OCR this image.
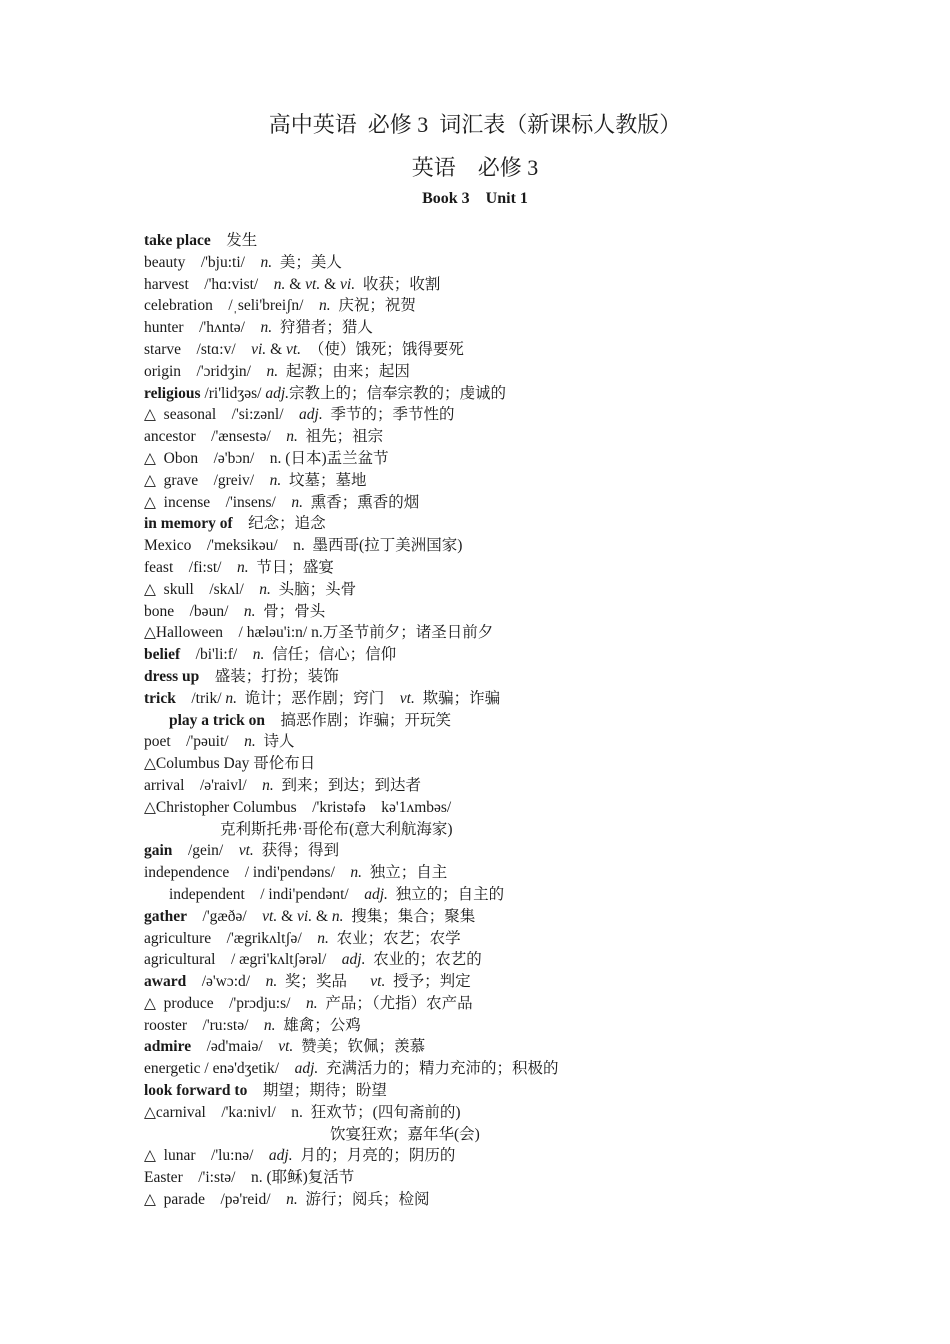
高中英语  必修 3  词汇表（新课标人教版）
英语    必修 3
Book 3    Unit 1
take place    发生
beauty    /'bju:ti/    n.  美；美人
harvest    /'hɑ:vist/    n. & vt. & vi.  收获；收割
celebration    /ˌseli'breiʃn/    n.  庆祝；祝贺
hunter    /'hʌntə/    n.  狩猎者；猎人
starve    /stɑ:v/    vi. & vt.  （使）饿死；饿得要死
origin    /'ɔridʒin/    n.  起源；由来；起因
religious /ri'lidʒəs/ adj.宗教上的；信奉宗教的；虔诚的
△  seasonal    /'si:zənl/    adj.  季节的；季节性的
ancestor    /'ænsestə/    n.  祖先；祖宗
△  Obon    /ə'bɔn/    n. (日本)盂兰盆节
△  grave    /greiv/    n.  坟墓；墓地
△  incense    /'insens/    n.  熏香；熏香的烟
in memory of    纪念；追念
Mexico    /'meksikəu/    n.  墨西哥(拉丁美洲国家)
feast    /fi:st/    n.  节日；盛宴
△  skull    /skʌl/    n.  头脑；头骨
bone    /bəun/    n.  骨；骨头
△Halloween    / hæləu'i:n/ n.万圣节前夕；诸圣日前夕
belief    /bi'li:f/    n.  信任；信心；信仰
dress up    盛装；打扮；装饰
trick    /trik/ n.  诡计；恶作剧；窍门    vt.  欺骗；诈骗
play a trick on    搞恶作剧；诈骗；开玩笑
poet    /'pəuit/    n.  诗人
△Columbus Day 哥伦布日
arrival    /ə'raivl/    n.  到来；到达；到达者
△Christopher Columbus    /'kristəfə    kə'1ʌmbəs/
克利斯托弗·哥伦布(意大利航海家)
gain    /gein/    vt.  获得；得到
independence    / indi'pendəns/    n.  独立；自主
independent    / indi'pendənt/    adj.  独立的；自主的
gather    /'gæðə/    vt. & vi. & n.  搜集；集合；聚集
agriculture    /'ægrikʌltʃə/    n.  农业；农艺；农学
agricultural    / ægri'kʌltʃərəl/    adj.  农业的；农艺的
award    /ə'wɔ:d/    n.  奖；奖品      vt.  授予；判定
△  produce    /'prɔdju:s/    n.  产品；（尤指）农产品
rooster    /'ru:stə/    n.  雄禽；公鸡
admire    /əd'maiə/    vt.  赞美；钦佩；羡慕
energetic / enə'dʒetik/    adj.  充满活力的；精力充沛的；积极的
look forward to    期望；期待；盼望
△carnival    /'ka:nivl/    n.  狂欢节；(四旬斋前的)
饮宴狂欢；嘉年华(会)
△  lunar    /'lu:nə/    adj.  月的；月亮的；阴历的
Easter    /'i:stə/    n. (耶稣)复活节
△  parade    /pə'reid/    n.  游行；阅兵；检阅
